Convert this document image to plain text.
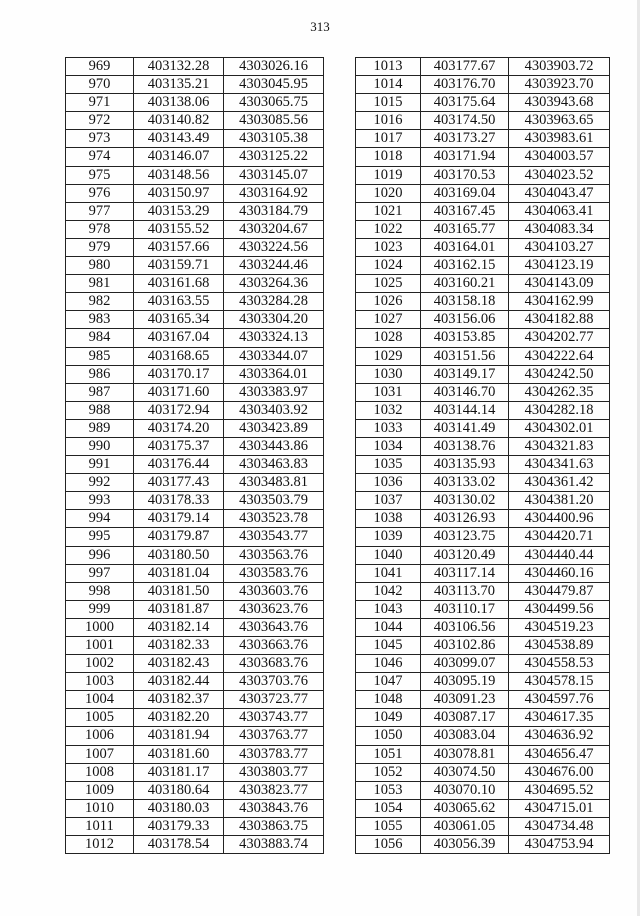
313
969	403132.28	4303026.16
970	403135.21	4303045.95
971	403138.06	4303065.75
972	403140.82	4303085.56
973	403143.49	4303105.38
974	403146.07	4303125.22
975	403148.56	4303145.07
976	403150.97	4303164.92
977	403153.29	4303184.79
978	403155.52	4303204.67
979	403157.66	4303224.56
980	403159.71	4303244.46
981	403161.68	4303264.36
982	403163.55	4303284.28
983	403165.34	4303304.20
984	403167.04	4303324.13
985	403168.65	4303344.07
986	403170.17	4303364.01
987	403171.60	4303383.97
988	403172.94	4303403.92
989	403174.20	4303423.89
990	403175.37	4303443.86
991	403176.44	4303463.83
992	403177.43	4303483.81
993	403178.33	4303503.79
994	403179.14	4303523.78
995	403179.87	4303543.77
996	403180.50	4303563.76
997	403181.04	4303583.76
998	403181.50	4303603.76
999	403181.87	4303623.76
1000	403182.14	4303643.76
1001	403182.33	4303663.76
1002	403182.43	4303683.76
1003	403182.44	4303703.76
1004	403182.37	4303723.77
1005	403182.20	4303743.77
1006	403181.94	4303763.77
1007	403181.60	4303783.77
1008	403181.17	4303803.77
1009	403180.64	4303823.77
1010	403180.03	4303843.76
1011	403179.33	4303863.75
1012	403178.54	4303883.74
1013	403177.67	4303903.72
1014	403176.70	4303923.70
1015	403175.64	4303943.68
1016	403174.50	4303963.65
1017	403173.27	4303983.61
1018	403171.94	4304003.57
1019	403170.53	4304023.52
1020	403169.04	4304043.47
1021	403167.45	4304063.41
1022	403165.77	4304083.34
1023	403164.01	4304103.27
1024	403162.15	4304123.19
1025	403160.21	4304143.09
1026	403158.18	4304162.99
1027	403156.06	4304182.88
1028	403153.85	4304202.77
1029	403151.56	4304222.64
1030	403149.17	4304242.50
1031	403146.70	4304262.35
1032	403144.14	4304282.18
1033	403141.49	4304302.01
1034	403138.76	4304321.83
1035	403135.93	4304341.63
1036	403133.02	4304361.42
1037	403130.02	4304381.20
1038	403126.93	4304400.96
1039	403123.75	4304420.71
1040	403120.49	4304440.44
1041	403117.14	4304460.16
1042	403113.70	4304479.87
1043	403110.17	4304499.56
1044	403106.56	4304519.23
1045	403102.86	4304538.89
1046	403099.07	4304558.53
1047	403095.19	4304578.15
1048	403091.23	4304597.76
1049	403087.17	4304617.35
1050	403083.04	4304636.92
1051	403078.81	4304656.47
1052	403074.50	4304676.00
1053	403070.10	4304695.52
1054	403065.62	4304715.01
1055	403061.05	4304734.48
1056	403056.39	4304753.94
